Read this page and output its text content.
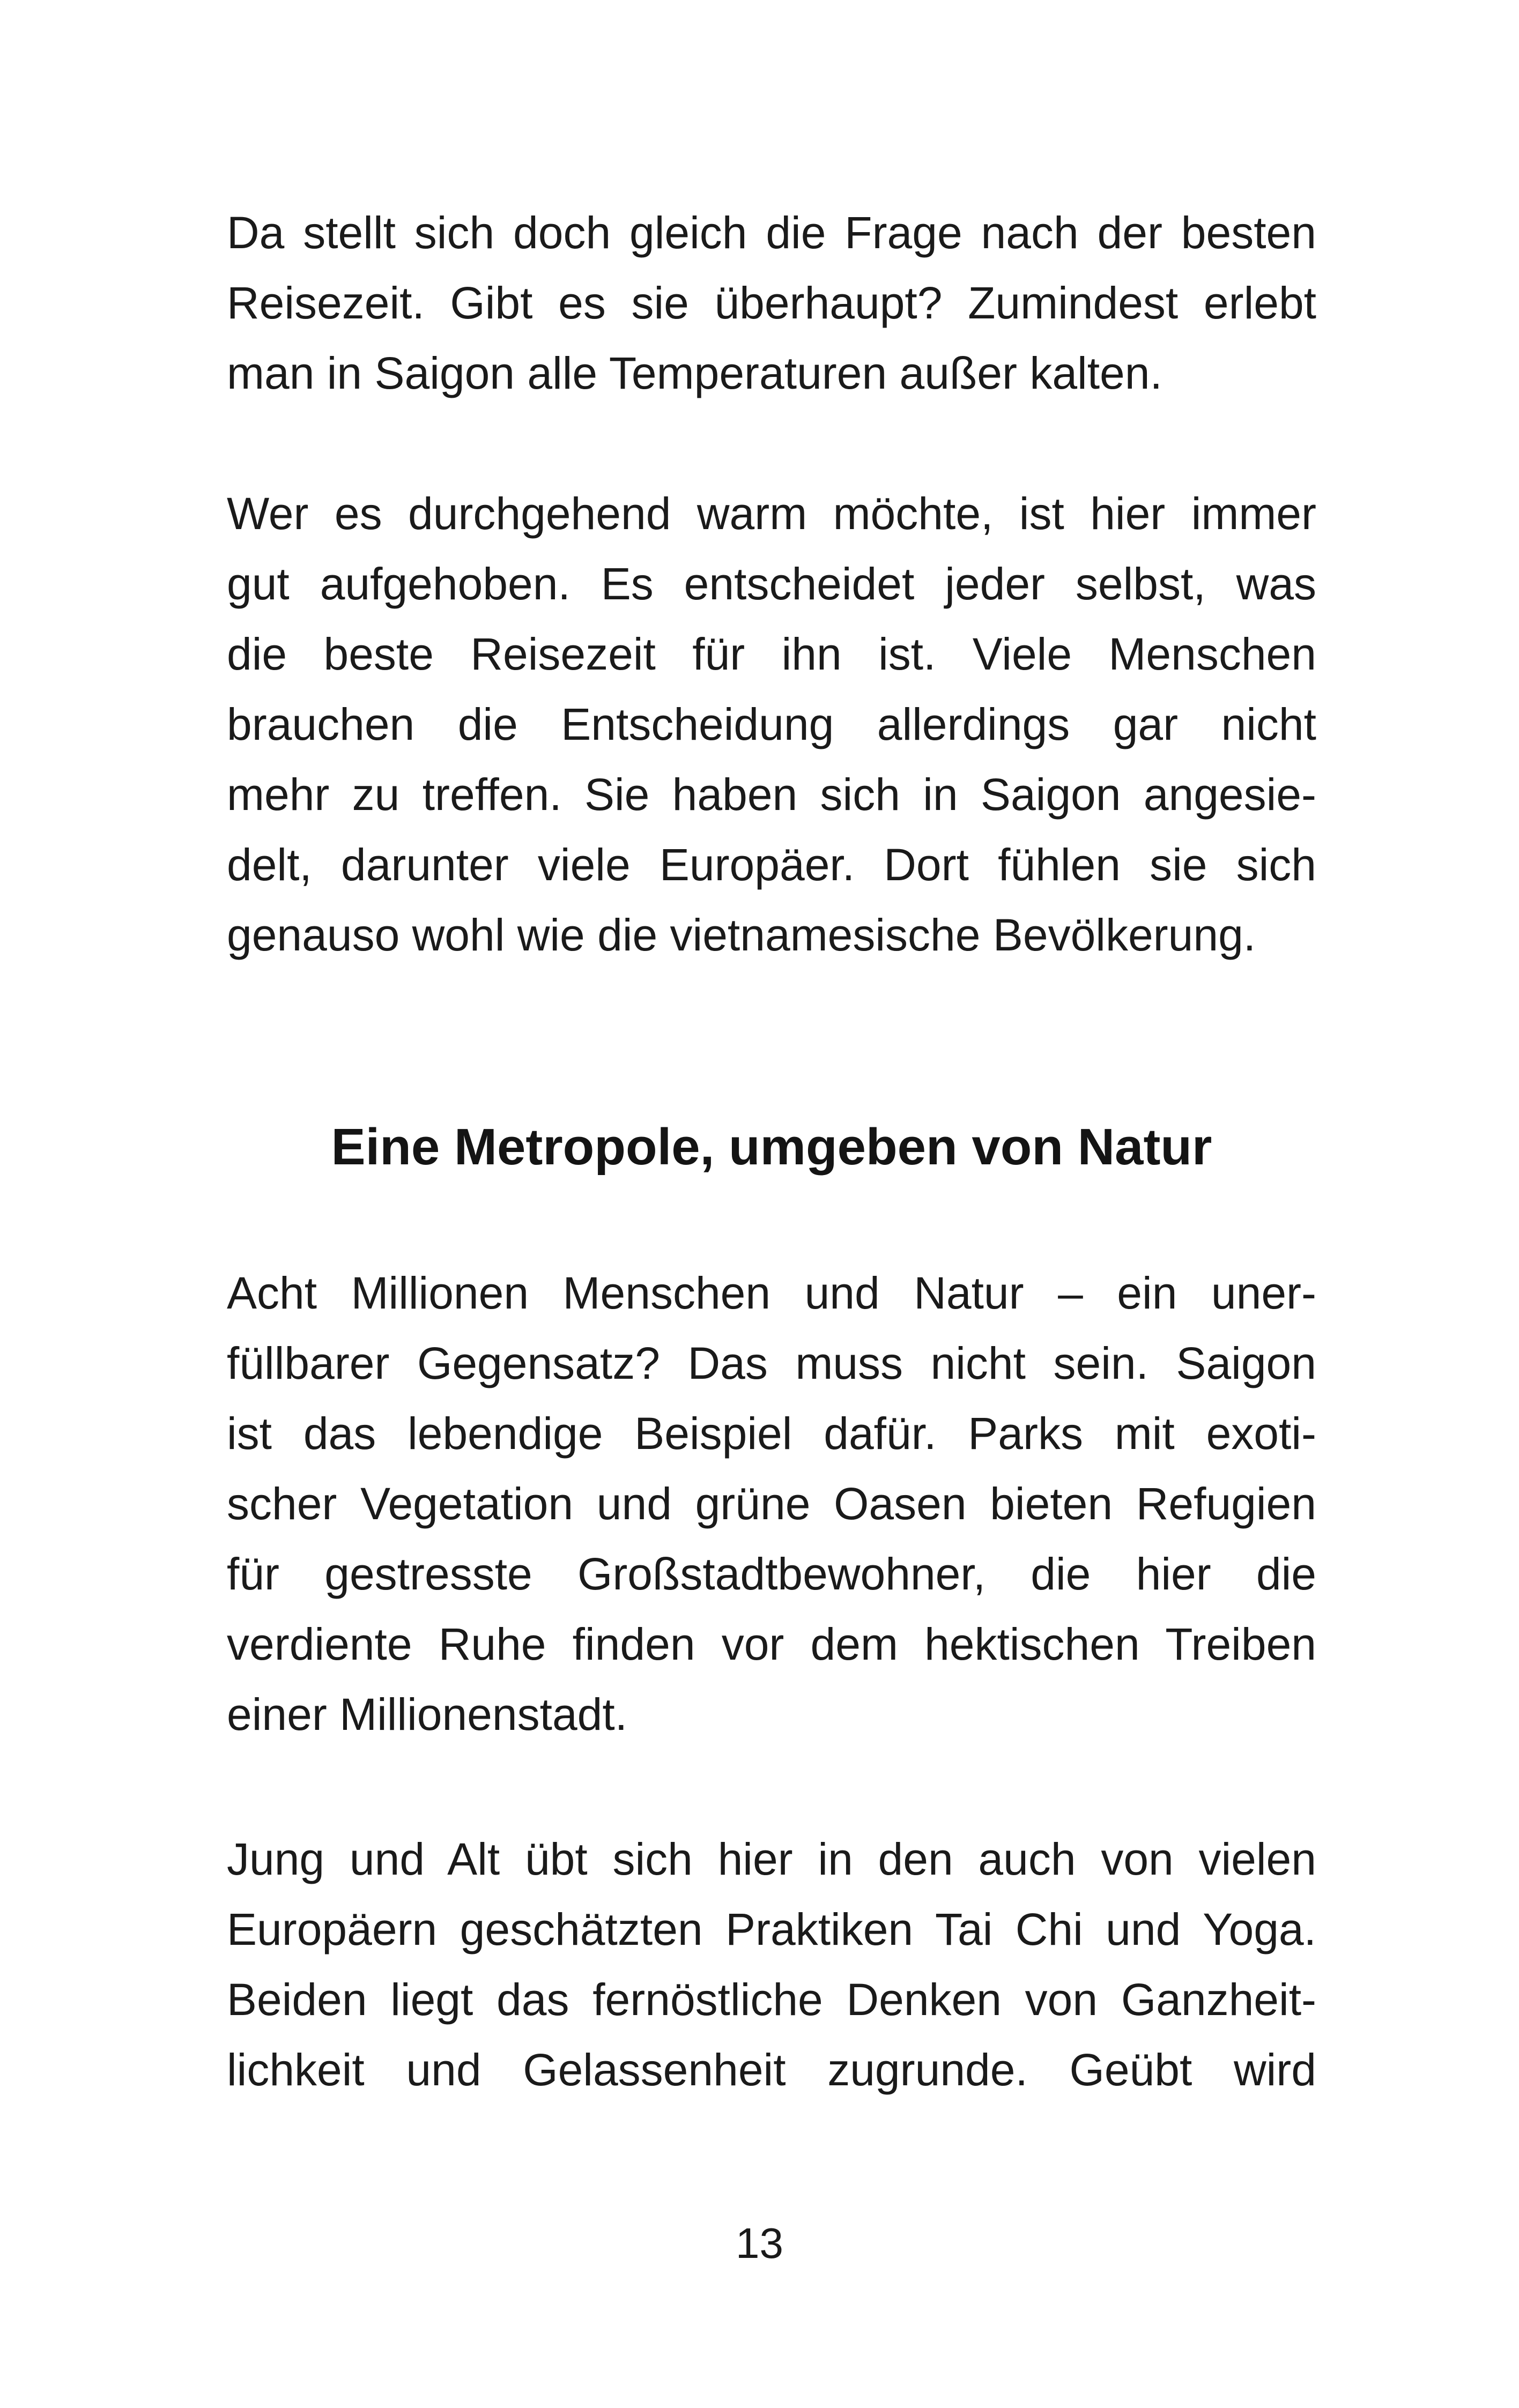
Da stellt sich doch gleich die Frage nach der besten
Reisezeit. Gibt es sie überhaupt? Zumindest erlebt
man in Saigon alle Temperaturen außer kalten.
Wer es durchgehend warm möchte, ist hier immer
gut aufgehoben. Es entscheidet jeder selbst, was
die beste Reisezeit für ihn ist. Viele Menschen
brauchen die Entscheidung allerdings gar nicht
mehr zu treffen. Sie haben sich in Saigon angesie-
delt, darunter viele Europäer. Dort fühlen sie sich
genauso wohl wie die vietnamesische Bevölkerung.
Eine Metropole, umgeben von Natur
Acht Millionen Menschen und Natur – ein uner-
füllbarer Gegensatz? Das muss nicht sein. Saigon
ist das lebendige Beispiel dafür. Parks mit exoti-
scher Vegetation und grüne Oasen bieten Refugien
für gestresste Großstadtbewohner, die hier die
verdiente Ruhe finden vor dem hektischen Treiben
einer Millionenstadt.
Jung und Alt übt sich hier in den auch von vielen
Europäern geschätzten Praktiken Tai Chi und Yoga.
Beiden liegt das fernöstliche Denken von Ganzheit-
lichkeit und Gelassenheit zugrunde. Geübt wird
13
